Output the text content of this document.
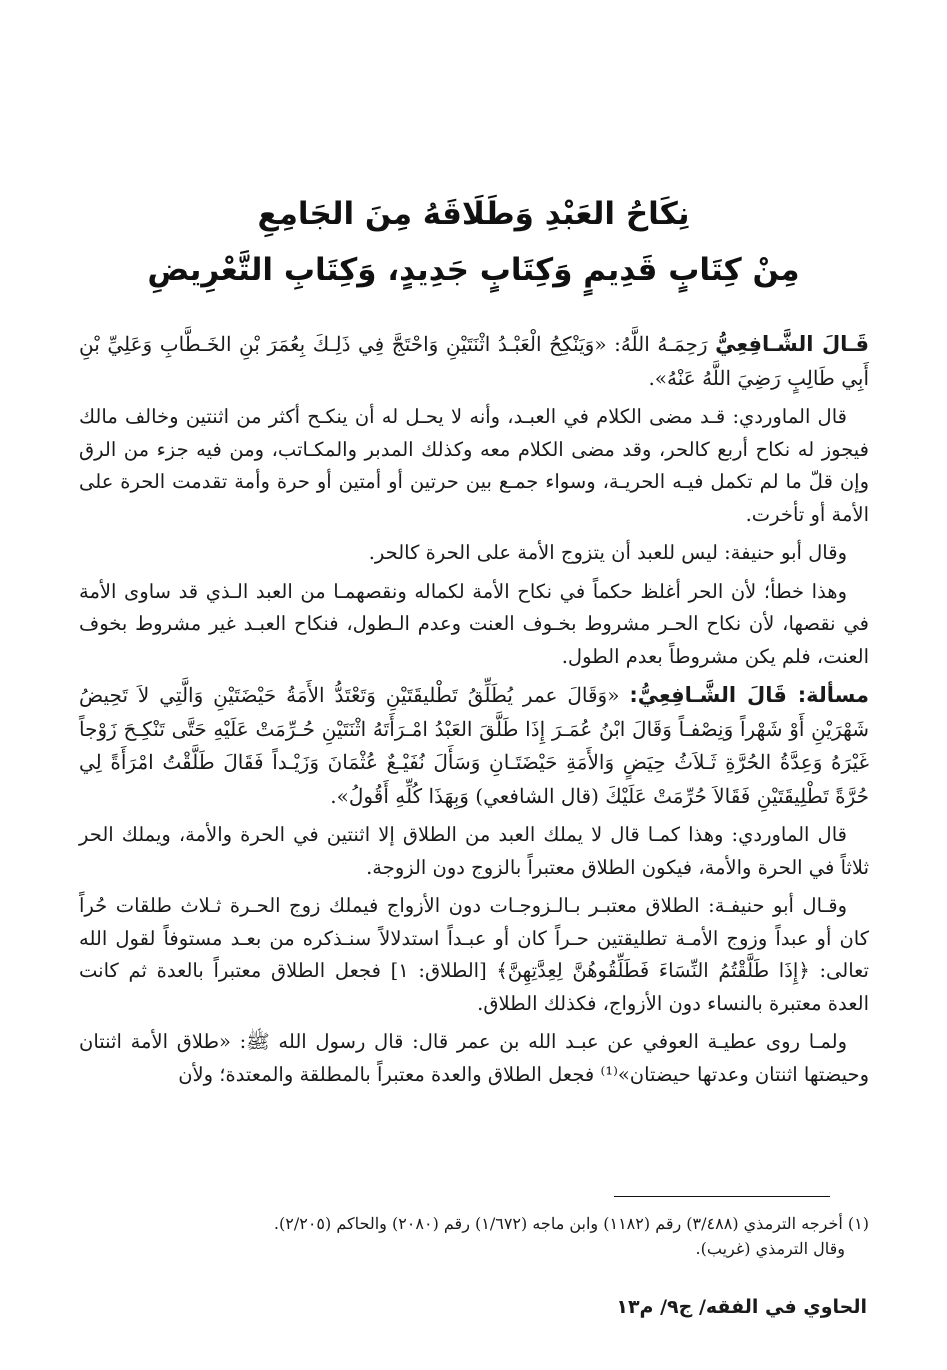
نِكَاحُ العَبْدِ وَطَلَاقَهُ مِنَ الجَامِعِ
مِنْ كِتَابٍ قَدِيمٍ وَكِتَابٍ جَدِيدٍ، وَكِتَابِ التَّعْرِيضِ

قَـالَ الشَّـافِعِيُّ رَحِمَـهُ اللَّهُ: «وَيَنْكِحُ الْعَبْـدُ اثْنَتَيْنِ وَاحْتَجَّ فِي ذَلِـكَ بِعُمَرَ بْنِ الخَـطَّابِ وَعَلِيِّ بْنِ أَبِي طَالِبٍ رَضِيَ اللَّهُ عَنْهُ».

قال الماوردي: قـد مضى الكلام في العبـد، وأنه لا يحـل له أن ينكـح أكثر من اثنتين وخالف مالك فيجوز له نكاح أربع كالحر، وقد مضى الكلام معه وكذلك المدبر والمكـاتب، ومن فيه جزء من الرق وإن قلّ ما لم تكمل فيـه الحريـة، وسواء جمـع بين حرتين أو أمتين أو حرة وأمة تقدمت الحرة على الأمة أو تأخرت.

وقال أبو حنيفة: ليس للعبد أن يتزوج الأمة على الحرة كالحر.

وهذا خطأ؛ لأن الحر أغلظ حكماً في نكاح الأمة لكماله ونقصهمـا من العبد الـذي قد ساوى الأمة في نقصها، لأن نكاح الحـر مشروط بخـوف العنت وعدم الـطول، فنكاح العبـد غير مشروط بخوف العنت، فلم يكن مشروطاً بعدم الطول.

مسألة: قَالَ الشَّـافِعِيُّ: «وَقَالَ عمر يُطَلِّقُ تَطْليقَتَيْنِ وَتَعْتَدُّ الأَمَةُ حَيْضَتَيْنِ وَالَّتِي لاَ تَحِيضُ شَهْرَيْنِ أَوْ شَهْراً وَنِصْفـاً وَقَالَ ابْنُ عُمَـرَ إِذَا طَلَّقَ العَبْدُ امْـرَأَتَهُ اثْنَتَيْنِ حُـرِّمَتْ عَلَيْهِ حَتَّى تَنْكِـحَ زَوْجاً غَيْرَهُ وَعِدَّةُ الحُرَّةِ ثَـلاَثُ حِيَضٍ وَالأَمَةِ حَيْضَتَـانِ وَسَأَلَ نُفَيْـعٌ عُثْمَانَ وَزَيْـداً فَقَالَ طَلَّقْتُ امْرَأَةً لِي حُرَّةً تَطْلِيقَتَيْنِ فَقَالاَ حُرِّمَتْ عَلَيْكَ (قال الشافعي) وَبِهَذَا كُلِّهِ أَقُولُ».

قال الماوردي: وهذا كمـا قال لا يملك العبد من الطلاق إلا اثنتين في الحرة والأمة، ويملك الحر ثلاثاً في الحرة والأمة، فيكون الطلاق معتبراً بالزوج دون الزوجة.

وقـال أبو حنيفـة: الطلاق معتبـر بـالـزوجـات دون الأزواج فيملك زوج الحـرة ثـلاث طلقات حُراً كان أو عبداً وزوج الأمـة تطليقتين حـراً كان أو عبـداً استدلالاً سنـذكره من بعـد مستوفاً لقول الله تعالى: ﴿إِذَا طَلَّقْتُمُ النِّسَاءَ فَطَلِّقُوهُنَّ لِعِدَّتِهِنَّ﴾ [الطلاق: ١] فجعل الطلاق معتبراً بالعدة ثم كانت العدة معتبرة بالنساء دون الأزواج، فكذلك الطلاق.

ولمـا روى عطيـة العوفي عن عبـد الله بن عمر قال: قال رسول الله ﷺ: «طلاق الأمة اثنتان وحيضتها اثنتان وعدتها حيضتان»⁽¹⁾ فجعل الطلاق والعدة معتبراً بالمطلقة والمعتدة؛ ولأن

(١) أخرجه الترمذي (٣/٤٨٨) رقم (١١٨٢) وابن ماجه (١/٦٧٢) رقم (٢٠٨٠) والحاكم (٢/٢٠٥).
وقال الترمذي (غريب).
الحاوي في الفقه/ ج٩/ م١٣
